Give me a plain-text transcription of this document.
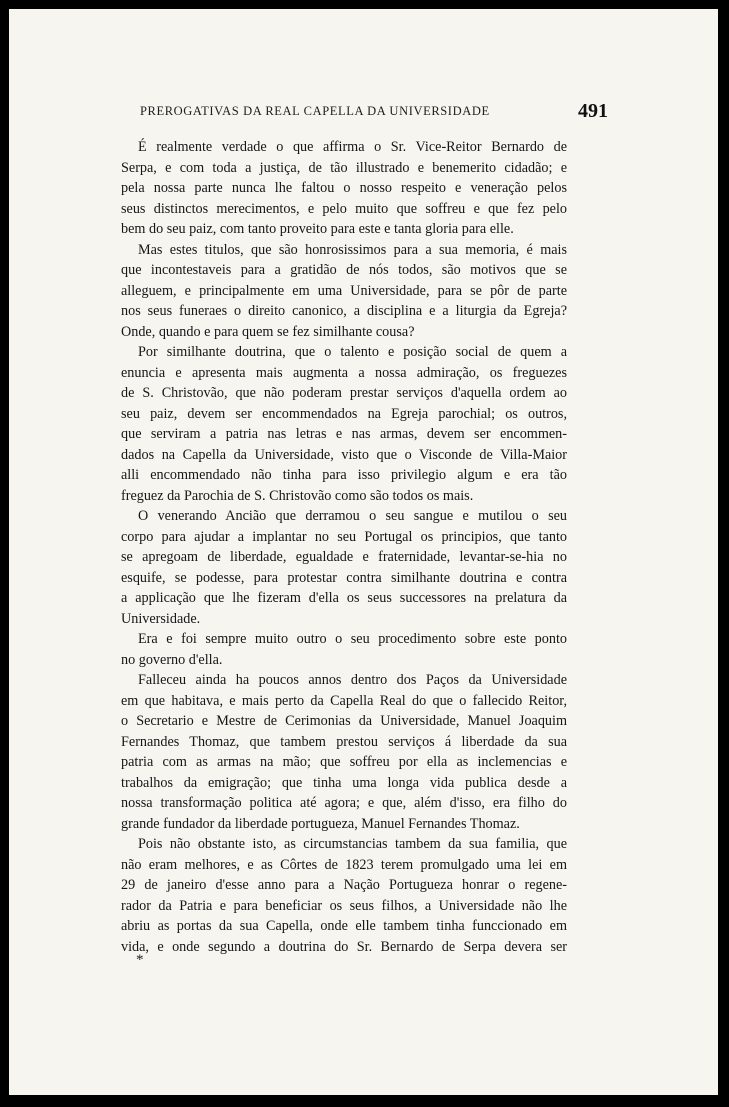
PREROGATIVAS DA REAL CAPELLA DA UNIVERSIDADE	491
É realmente verdade o que affirma o Sr. Vice-Reitor Bernardo de
Serpa, e com toda a justiça, de tão illustrado e benemerito cidadão; e
pela nossa parte nunca lhe faltou o nosso respeito e veneração pelos
seus distinctos merecimentos, e pelo muito que soffreu e que fez pelo
bem do seu paiz, com tanto proveito para este e tanta gloria para elle.
Mas estes titulos, que são honrosissimos para a sua memoria, é mais
que incontestaveis para a gratidão de nós todos, são motivos que se
alleguem, e principalmente em uma Universidade, para se pôr de parte
nos seus funeraes o direito canonico, a disciplina e a liturgia da Egreja?
Onde, quando e para quem se fez similhante cousa?
Por similhante doutrina, que o talento e posição social de quem a
enuncia e apresenta mais augmenta a nossa admiração, os freguezes
de S. Christovão, que não poderam prestar serviços d'aquella ordem ao
seu paiz, devem ser encommendados na Egreja parochial; os outros,
que serviram a patria nas letras e nas armas, devem ser encommen-
dados na Capella da Universidade, visto que o Visconde de Villa-Maior
alli encommendado não tinha para isso privilegio algum e era tão
freguez da Parochia de S. Christovão como são todos os mais.
O venerando Ancião que derramou o seu sangue e mutilou o seu
corpo para ajudar a implantar no seu Portugal os principios, que tanto
se apregoam de liberdade, egualdade e fraternidade, levantar-se-hia no
esquife, se podesse, para protestar contra similhante doutrina e contra
a applicação que lhe fizeram d'ella os seus successores na prelatura da
Universidade.
Era e foi sempre muito outro o seu procedimento sobre este ponto
no governo d'ella.
Falleceu ainda ha poucos annos dentro dos Paços da Universidade
em que habitava, e mais perto da Capella Real do que o fallecido Reitor,
o Secretario e Mestre de Cerimonias da Universidade, Manuel Joaquim
Fernandes Thomaz, que tambem prestou serviços á liberdade da sua
patria com as armas na mão; que soffreu por ella as inclemencias e
trabalhos da emigração; que tinha uma longa vida publica desde a
nossa transformação politica até agora; e que, além d'isso, era filho do
grande fundador da liberdade portugueza, Manuel Fernandes Thomaz.
Pois não obstante isto, as circumstancias tambem da sua familia, que
não eram melhores, e as Côrtes de 1823 terem promulgado uma lei em
29 de janeiro d'esse anno para a Nação Portugueza honrar o regene-
rador da Patria e para beneficiar os seus filhos, a Universidade não lhe
abriu as portas da sua Capella, onde elle tambem tinha funccionado em
vida, e onde segundo a doutrina do Sr. Bernardo de Serpa devera ser
*
